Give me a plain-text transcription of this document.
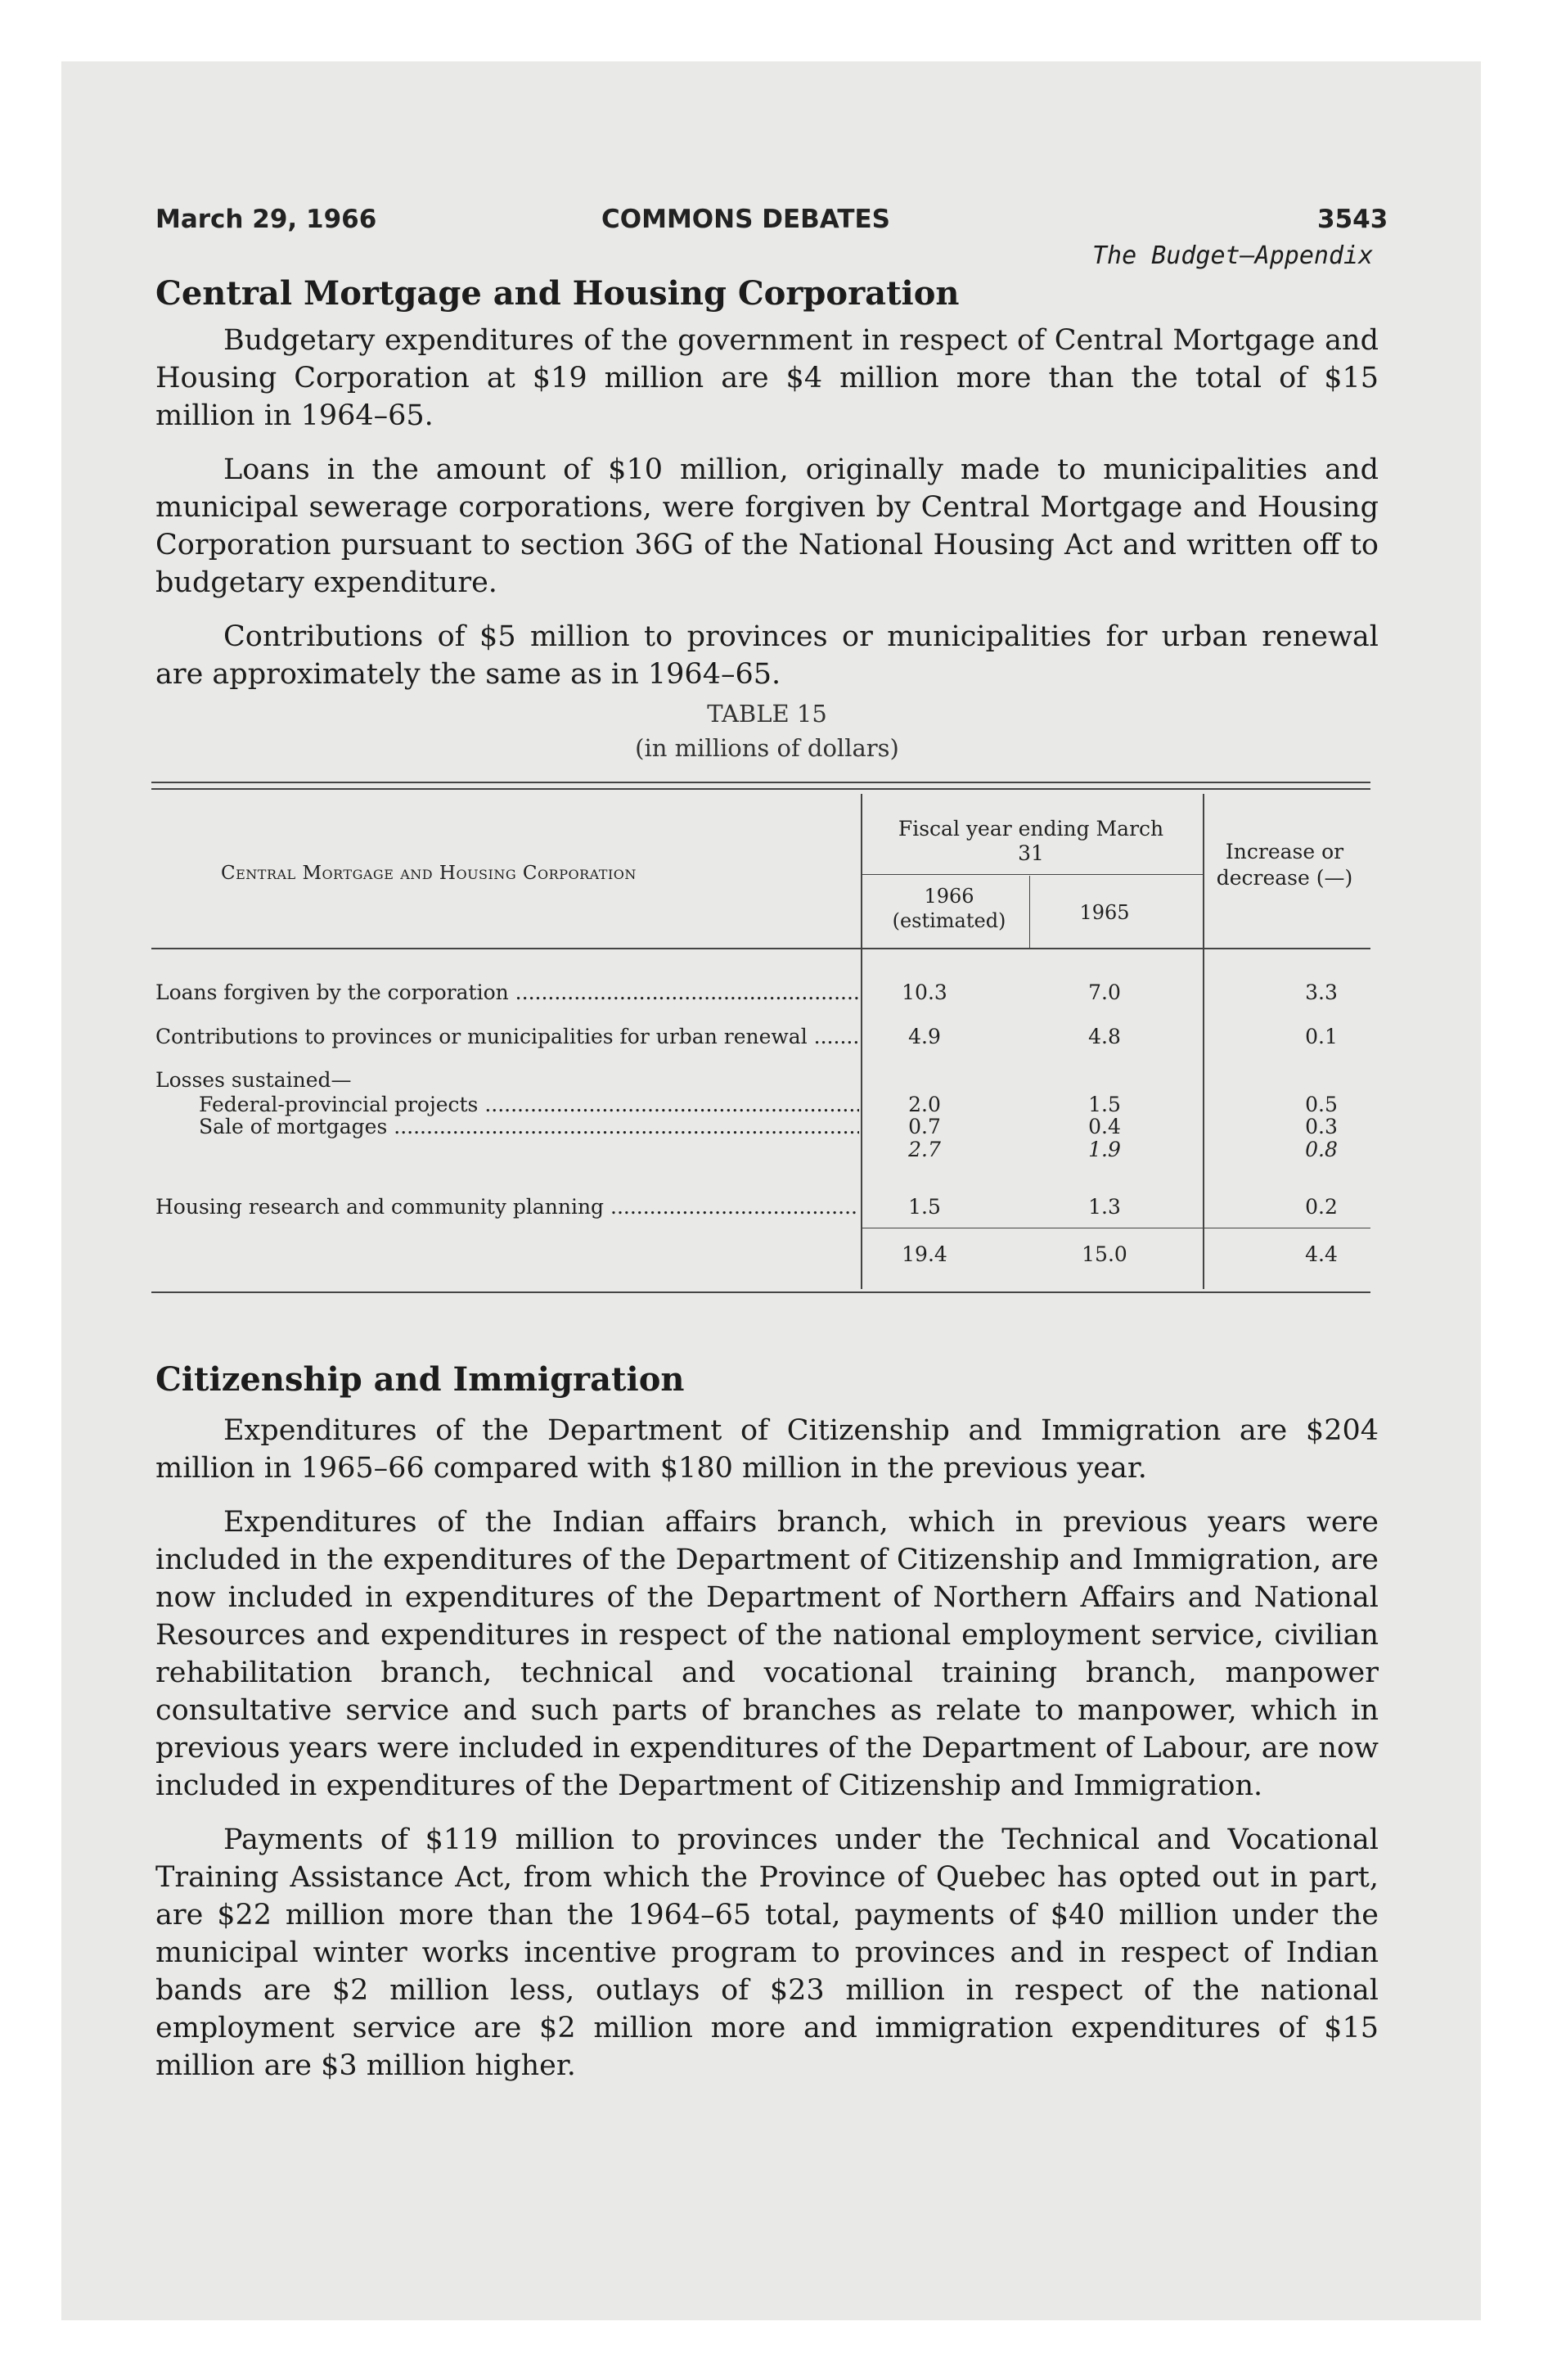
March 29, 1966	COMMONS DEBATES	3543
The Budget—Appendix
Central Mortgage and Housing Corporation

Budgetary expenditures of the government in respect of Central Mortgage and Housing Corporation at $19 million are $4 million more than the total of $15 million in 1964–65.

Loans in the amount of $10 million, originally made to municipalities and municipal sewerage corporations, were forgiven by Central Mortgage and Housing Corporation pursuant to section 36G of the National Housing Act and written off to budgetary expenditure.

Contributions of $5 million to provinces or municipalities for urban renewal are approximately the same as in 1964–65.

TABLE 15
(in millions of dollars)
Central Mortgage and Housing Corporation
Fiscal year ending March 31
1966 (estimated)	1965
Increase or decrease (—)
Loans forgiven by the corporation .....	10.3	7.0	3.3
Contributions to provinces or municipalities for urban renewal .....	4.9	4.8	0.1
Losses sustained—
Federal-provincial projects .....	2.0	1.5	0.5
Sale of mortgages .....	0.7	0.4	0.3
2.7	1.9	0.8
Housing research and community planning .....	1.5	1.3	0.2
19.4	15.0	4.4
Citizenship and Immigration

Expenditures of the Department of Citizenship and Immigration are $204 million in 1965–66 compared with $180 million in the previous year.

Expenditures of the Indian affairs branch, which in previous years were included in the expenditures of the Department of Citizenship and Immigration, are now included in expenditures of the Department of Northern Affairs and National Resources and expenditures in respect of the national employment service, civilian rehabilitation branch, technical and vocational training branch, manpower consultative service and such parts of branches as relate to manpower, which in previous years were included in expenditures of the Department of Labour, are now included in expenditures of the Department of Citizenship and Immigration.

Payments of $119 million to provinces under the Technical and Vocational Training Assistance Act, from which the Province of Quebec has opted out in part, are $22 million more than the 1964–65 total, payments of $40 million under the municipal winter works incentive program to provinces and in respect of Indian bands are $2 million less, outlays of $23 million in respect of the national employment service are $2 million more and immigration expenditures of $15 million are $3 million higher.
